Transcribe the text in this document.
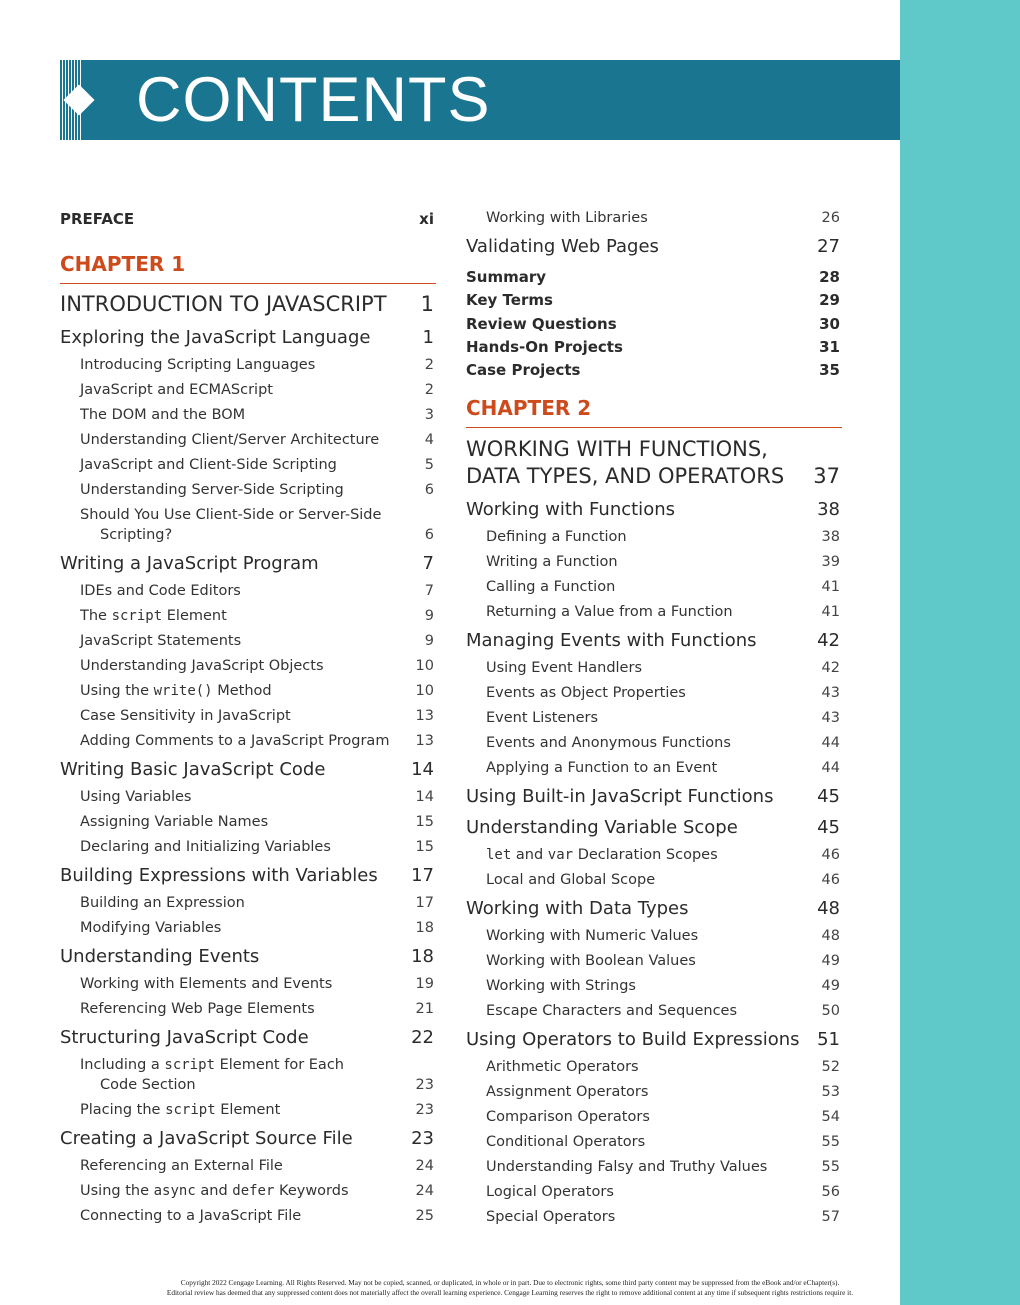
CONTENTS
PREFACE	xi
CHAPTER 1
INTRODUCTION TO JAVASCRIPT 1
Exploring the JavaScript Language	1
Introducing Scripting Languages	2
JavaScript and ECMAScript	2
The DOM and the BOM	3
Understanding Client/Server Architecture	4
JavaScript and Client-Side Scripting	5
Understanding Server-Side Scripting	6
Should You Use Client-Side or Server-Side
Scripting?	6
Writing a JavaScript Program	7
IDEs and Code Editors	7
The script Element	9
JavaScript Statements	9
Understanding JavaScript Objects	10
Using the write() Method	10
Case Sensitivity in JavaScript	13
Adding Comments to a JavaScript Program 13
Writing Basic JavaScript Code	14
Using Variables	14
Assigning Variable Names	15
Declaring and Initializing Variables	15
Building Expressions with Variables 17
Building an Expression	17
Modifying Variables	18
Understanding Events	18
Working with Elements and Events	19
Referencing Web Page Elements	21
Structuring JavaScript Code	22
Including a script Element for Each
Code Section	23
Placing the script Element	23
Creating a JavaScript Source File	23
Referencing an External File	24
Using the async and defer Keywords	24
Connecting to a JavaScript File	25
Working with Libraries	26
Validating Web Pages	27
Summary	28
Key Terms	29
Review Questions	30
Hands-On Projects	31
Case Projects	35
CHAPTER 2
WORKING WITH FUNCTIONS,
DATA TYPES, AND OPERATORS 37
Working with Functions	38
Defining a Function	38
Writing a Function	39
Calling a Function	41
Returning a Value from a Function	41
Managing Events with Functions	42
Using Event Handlers	42
Events as Object Properties	43
Event Listeners	43
Events and Anonymous Functions	44
Applying a Function to an Event	44
Using Built-in JavaScript Functions 45
Understanding Variable Scope	45
let and var Declaration Scopes	46
Local and Global Scope	46
Working with Data Types	48
Working with Numeric Values	48
Working with Boolean Values	49
Working with Strings	49
Escape Characters and Sequences	50
Using Operators to Build Expressions 51
Arithmetic Operators	52
Assignment Operators	53
Comparison Operators	54
Conditional Operators	55
Understanding Falsy and Truthy Values	55
Logical Operators	56
Special Operators	57
Copyright 2022 Cengage Learning. All Rights Reserved. May not be copied, scanned, or duplicated, in whole or in part. Due to electronic rights, some third party content may be suppressed from the eBook and/or eChapter(s).
Editorial review has deemed that any suppressed content does not materially affect the overall learning experience. Cengage Learning reserves the right to remove additional content at any time if subsequent rights restrictions require it.
